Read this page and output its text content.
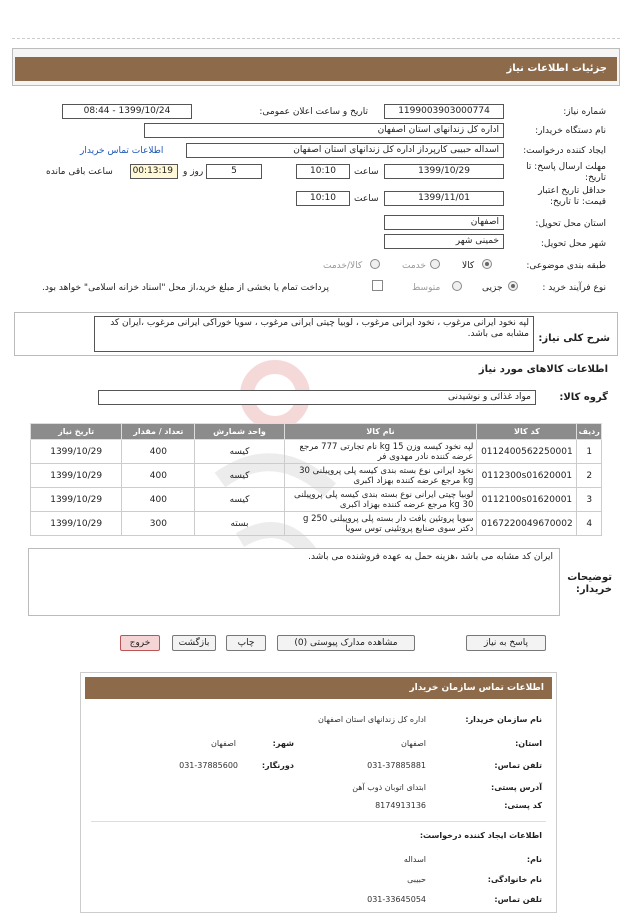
جزئیات اطلاعات نیاز
شماره نیاز:
1199003903000774
تاریخ و ساعت اعلان عمومی:
1399/10/24 - 08:44
نام دستگاه خریدار:
اداره کل زندانهای استان اصفهان
ایجاد کننده درخواست:
اسداله حبیبی کارپرداز اداره کل زندانهای استان اصفهان
اطلاعات تماس خریدار
مهلت ارسال پاسخ: تا تاریخ:
1399/10/29
ساعت
10:10
5
روز و
00:13:19
ساعت باقی مانده
حداقل تاریخ اعتبار قیمت: تا تاریخ:
1399/11/01
ساعت
10:10
استان محل تحویل:
اصفهان
شهر محل تحویل:
خمینی شهر
طبقه بندی موضوعی:
کالا
خدمت
کالا/خدمت
نوع فرآیند خرید :
جزیی
متوسط
پرداخت تمام یا بخشی از مبلغ خرید،از محل "اسناد خزانه اسلامی" خواهد بود.
شرح کلی نیاز:
لپه نخود ایرانی مرغوب ، نخود ایرانی مرغوب ، لوبیا چیتی ایرانی مرغوب ، سویا خوراکی ایرانی مرغوب ،ایران کد مشابه می باشد.
اطلاعات کالاهای مورد نیاز
گروه کالا:
مواد غذائی و نوشیدنی
ردیف	کد کالا	نام کالا	واحد شمارش	تعداد / مقدار	تاریخ نیاز
1	0112400562250001	لپه نخود کیسه وزن 15 kg نام تجارتی 777 مرجع عرضه کننده نادر مهدوی فر	کیسه	400	1399/10/29
2	0112300s01620001	نخود ایرانی نوع بسته بندی کیسه پلی پروپیلنی 30 kg مرجع عرضه کننده بهزاد اکبری	کیسه	400	1399/10/29
3	0112100s01620001	لوبیا چیتی ایرانی نوع بسته بندی کیسه پلی پروپیلنی 30 kg مرجع عرضه کننده بهزاد اکبری	کیسه	400	1399/10/29
4	0167220049670002	سویا پروتئین بافت دار بسته پلی پروپیلنی 250 g دکتر سوی صنایع پروتئینی توس سویا	بسته	300	1399/10/29
ایران کد مشابه می باشد ،هزینه حمل به عهده فروشنده می باشد.
توضیحات خریدار:
پاسخ به نیاز
مشاهده مدارک پیوستی (0)
چاپ
بازگشت
خروج
اطلاعات تماس سازمان خریدار
نام سازمان خریدار:
اداره کل زندانهای استان اصفهان
استان:
اصفهان
شهر:
اصفهان
تلفن تماس:
031-37885881
دورنگار:
031-37885600
آدرس پستی:
ابتدای اتوبان ذوب آهن
کد پستی:
8174913136
اطلاعات ایجاد کننده درخواست:
نام:
اسداله
نام خانوادگی:
حبیبی
تلفن تماس:
031-33645054
